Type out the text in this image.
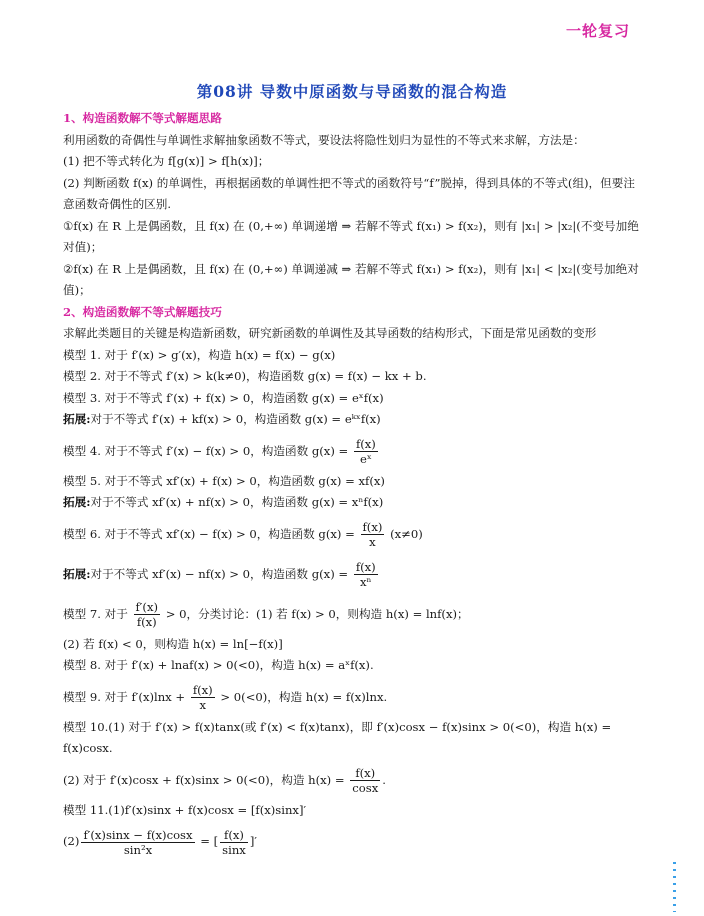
一轮复习
第08讲 导数中原函数与导函数的混合构造

1、构造函数解不等式解题思路

利用函数的奇偶性与单调性求解抽象函数不等式，要设法将隐性划归为显性的不等式来求解，方法是：

(1) 把不等式转化为 f[g(x)] > f[h(x)]；

(2) 判断函数 f(x) 的单调性，再根据函数的单调性把不等式的函数符号“f”脱掉，得到具体的不等式(组)，但要注意函数奇偶性的区别.

①f(x) 在 R 上是偶函数，且 f(x) 在 (0,+∞) 单调递增 ⇒ 若解不等式 f(x₁) > f(x₂)，则有 |x₁| > |x₂|(不变号加绝对值)；

②f(x) 在 R 上是偶函数，且 f(x) 在 (0,+∞) 单调递减 ⇒ 若解不等式 f(x₁) > f(x₂)，则有 |x₁| < |x₂|(变号加绝对值)；

2、构造函数解不等式解题技巧

求解此类题目的关键是构造新函数，研究新函数的单调性及其导函数的结构形式，下面是常见函数的变形

模型 1. 对于 f′(x) > g′(x)，构造 h(x) = f(x) − g(x)

模型 2. 对于不等式 f′(x) > k(k≠0)，构造函数 g(x) = f(x) − kx + b.

模型 3. 对于不等式 f′(x) + f(x) > 0，构造函数 g(x) = eˣf(x)

拓展:对于不等式 f′(x) + kf(x) > 0，构造函数 g(x) = eᵏˣf(x)

模型 4. 对于不等式 f′(x) − f(x) > 0，构造函数 $g(x) = \frac{f(x)}{\text{eˣ}}$

模型 5. 对于不等式 xf′(x) + f(x) > 0，构造函数 g(x) = xf(x)

拓展:对于不等式 xf′(x) + nf(x) > 0，构造函数 g(x) = xⁿf(x)

模型 6. 对于不等式 xf′(x) − f(x) > 0，构造函数 $g(x) = \frac{f(x)}{x} (x\ne 0)$

拓展:对于不等式 xf′(x) − nf(x) > 0，构造函数 $g(x) = \frac{f(x)}{\text{xⁿ}}$

模型 7. 对于 $\frac{f'(x)}{f(x)} > 0$，分类讨论：(1) 若 f(x) > 0，则构造 h(x) = lnf(x)；

(2) 若 f(x) < 0，则构造 h(x) = ln[−f(x)]

模型 8. 对于 f′(x) + lnaf(x) > 0(<0)，构造 h(x) = aˣf(x).

模型 9. 对于 $f'(x)\ln x + \frac{f(x)}{x} > 0(<0)$，构造 h(x) = f(x)lnx.

模型 10.(1) 对于 f′(x) > f(x)tanx(或 f′(x) < f(x)tanx)，即 f′(x)cosx − f(x)sinx > 0(<0)，构造 h(x) = f(x)cosx.

(2) 对于 f′(x)cosx + f(x)sinx > 0(<0)，构造 $h(x) = \frac{f(x)}{\cos x}$ .

模型 11.(1)f′(x)sinx + f(x)cosx = [f(x)sinx]′

$(2) \frac{f'(x)\sin x - f(x)\cos x}{\text{sin²x}}$ = [ $\frac{f(x)}{\sin x}$ ]′
